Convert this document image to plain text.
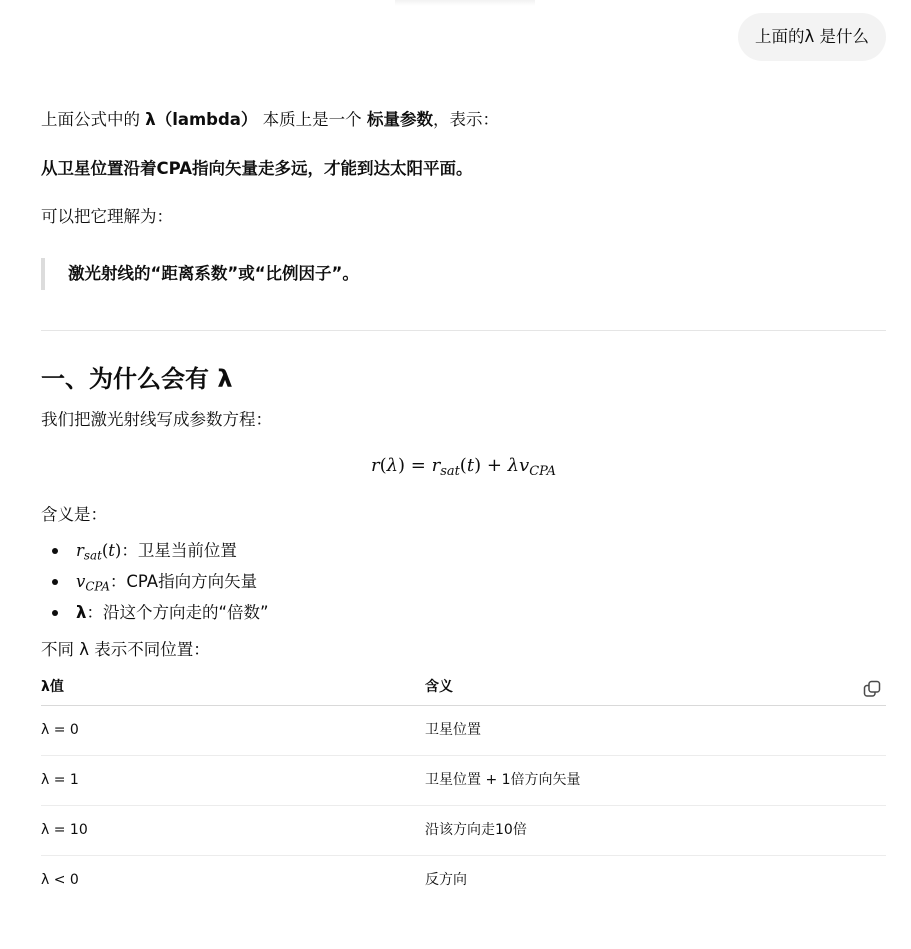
上面的λ 是什么
上面公式中的 λ（lambda） 本质上是一个 标量参数，表示：
从卫星位置沿着CPA指向矢量走多远，才能到达太阳平面。
可以把它理解为：
激光射线的“距离系数”或“比例因子”。
一、为什么会有 λ
我们把激光射线写成参数方程：
$r(\lambda) = r_{sat}(t) + \lambda v_{CPA}$
含义是：
$r_{sat}(t)$：卫星当前位置
$v_{CPA}$：CPA指向方向矢量
λ：沿这个方向走的“倍数”
不同 λ 表示不同位置：
λ值	含义
λ = 0	卫星位置
λ = 1	卫星位置 + 1倍方向矢量
λ = 10	沿该方向走10倍
λ < 0	反方向
